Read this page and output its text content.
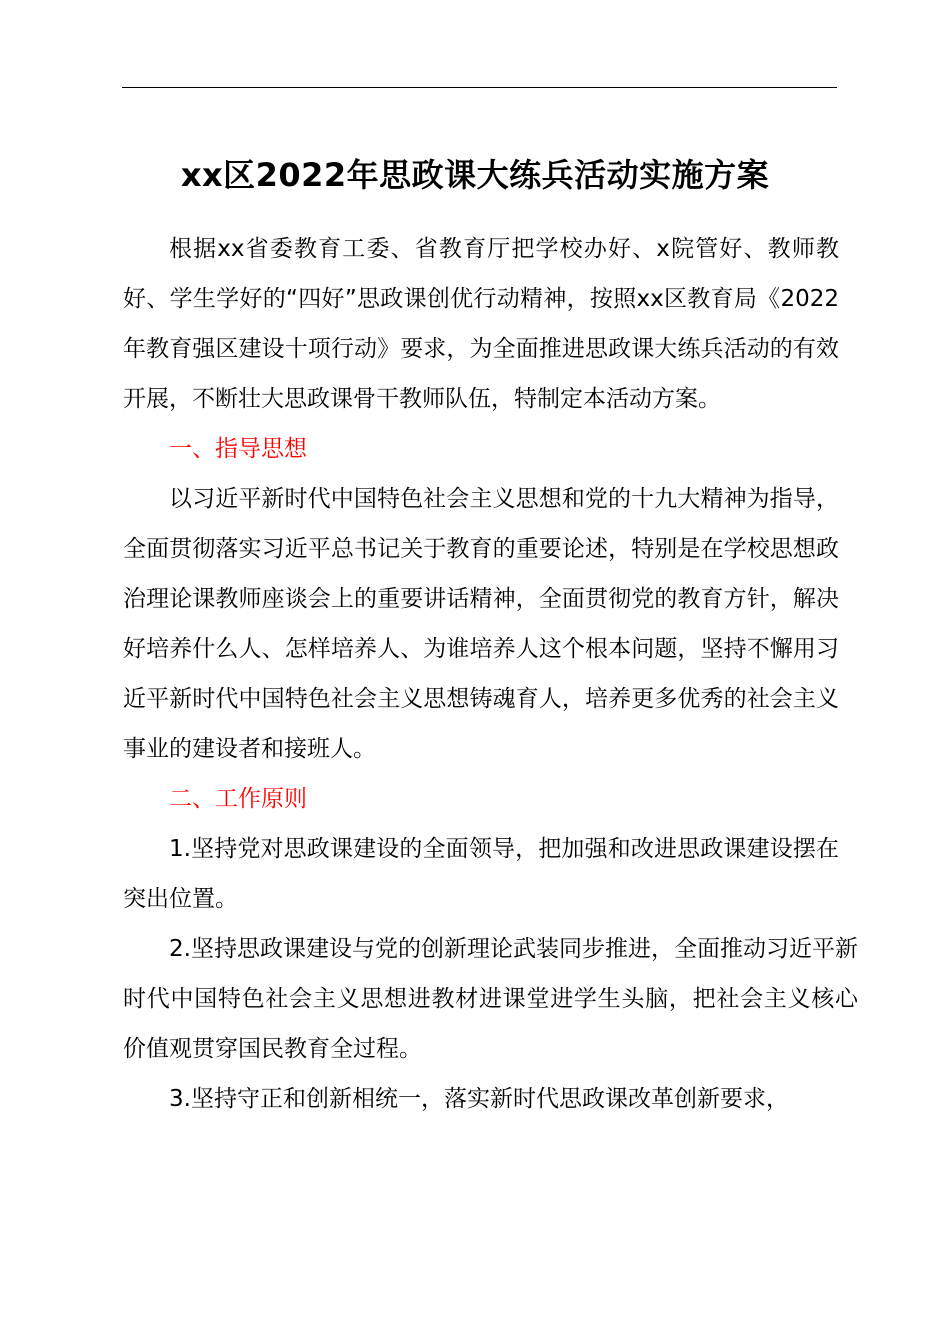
xx区2022年思政课大练兵活动实施方案

根据xx省委教育工委、省教育厅把学校办好、x院管好、教师教好、学生学好的“四好”思政课创优行动精神，按照xx区教育局《2022年教育强区建设十项行动》要求，为全面推进思政课大练兵活动的有效开展，不断壮大思政课骨干教师队伍，特制定本活动方案。

一、指导思想

以习近平新时代中国特色社会主义思想和党的十九大精神为指导，全面贯彻落实习近平总书记关于教育的重要论述，特别是在学校思想政治理论课教师座谈会上的重要讲话精神，全面贯彻党的教育方针，解决好培养什么人、怎样培养人、为谁培养人这个根本问题，坚持不懈用习近平新时代中国特色社会主义思想铸魂育人，培养更多优秀的社会主义事业的建设者和接班人。

二、工作原则

1.坚持党对思政课建设的全面领导，把加强和改进思政课建设摆在突出位置。

2.坚持思政课建设与党的创新理论武装同步推进，全面推动习近平新时代中国特色社会主义思想进教材进课堂进学生头脑，把社会主义核心价值观贯穿国民教育全过程。

3.坚持守正和创新相统一，落实新时代思政课改革创新要求，
